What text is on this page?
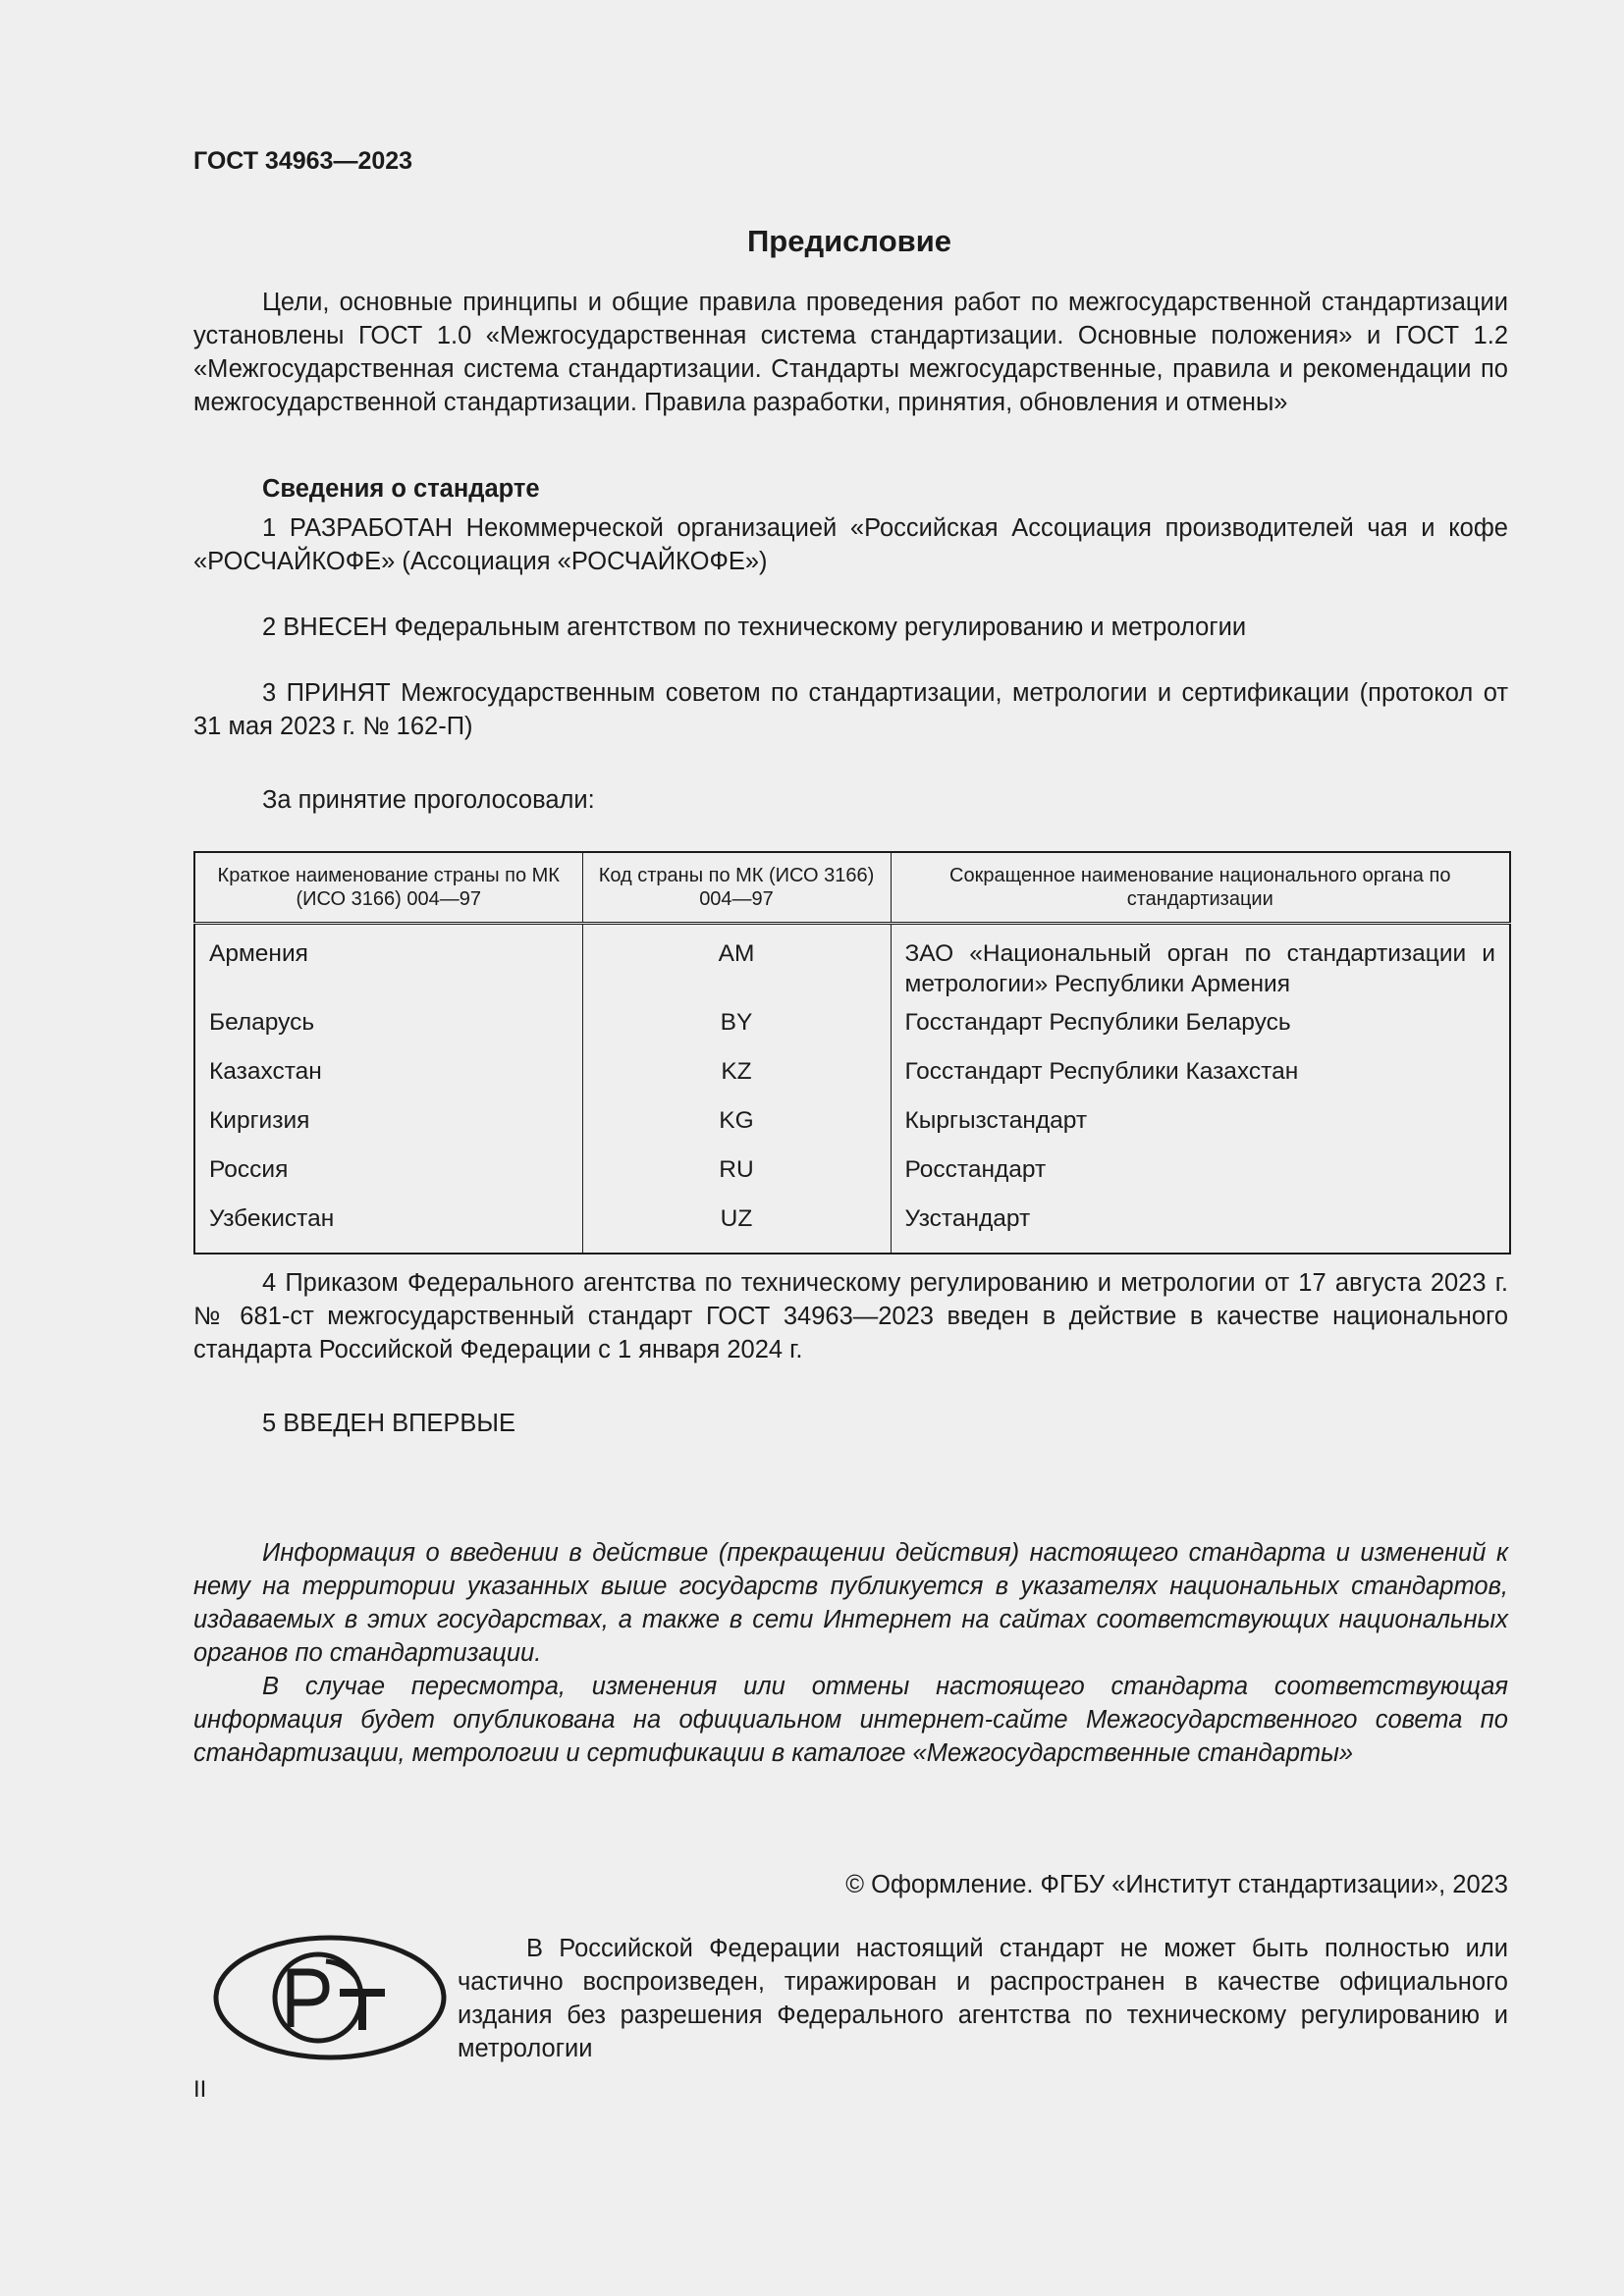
ГОСТ 34963—2023
Предисловие

Цели, основные принципы и общие правила проведения работ по межгосударственной стандартизации установлены ГОСТ 1.0 «Межгосударственная система стандартизации. Основные положения» и ГОСТ 1.2 «Межгосударственная система стандартизации. Стандарты межгосударственные, правила и рекомендации по межгосударственной стандартизации. Правила разработки, принятия, обновления и отмены»

Сведения о стандарте

1 РАЗРАБОТАН Некоммерческой организацией «Российская Ассоциация производителей чая и кофе «РОСЧАЙКОФЕ» (Ассоциация «РОСЧАЙКОФЕ»)

2 ВНЕСЕН Федеральным агентством по техническому регулированию и метрологии

3 ПРИНЯТ Межгосударственным советом по стандартизации, метрологии и сертификации (протокол от 31 мая 2023 г. № 162-П)

За принятие проголосовали:

Краткое наименование страны по МК (ИСО 3166) 004—97	Код страны по МК (ИСО 3166) 004—97	Сокращенное наименование национального органа по стандартизации
Армения	AM	ЗАО «Национальный орган по стандартизации и метрологии» Республики Армения
Беларусь	BY	Госстандарт Республики Беларусь
Казахстан	KZ	Госстандарт Республики Казахстан
Киргизия	KG	Кыргызстандарт
Россия	RU	Росстандарт
Узбекистан	UZ	Узстандарт

4 Приказом Федерального агентства по техническому регулированию и метрологии от 17 августа 2023 г. № 681-ст межгосударственный стандарт ГОСТ 34963—2023 введен в действие в качестве национального стандарта Российской Федерации с 1 января 2024 г.

5 ВВЕДЕН ВПЕРВЫЕ

Информация о введении в действие (прекращении действия) настоящего стандарта и изменений к нему на территории указанных выше государств публикуется в указателях национальных стандартов, издаваемых в этих государствах, а также в сети Интернет на сайтах соответствующих национальных органов по стандартизации.

В случае пересмотра, изменения или отмены настоящего стандарта соответствующая информация будет опубликована на официальном интернет-сайте Межгосударственного совета по стандартизации, метрологии и сертификации в каталоге «Межгосударственные стандарты»

© Оформление. ФГБУ «Институт стандартизации», 2023

В Российской Федерации настоящий стандарт не может быть полностью или частично воспроизведен, тиражирован и распространен в качестве официального издания без разрешения Федерального агентства по техническому регулированию и метрологии

II
